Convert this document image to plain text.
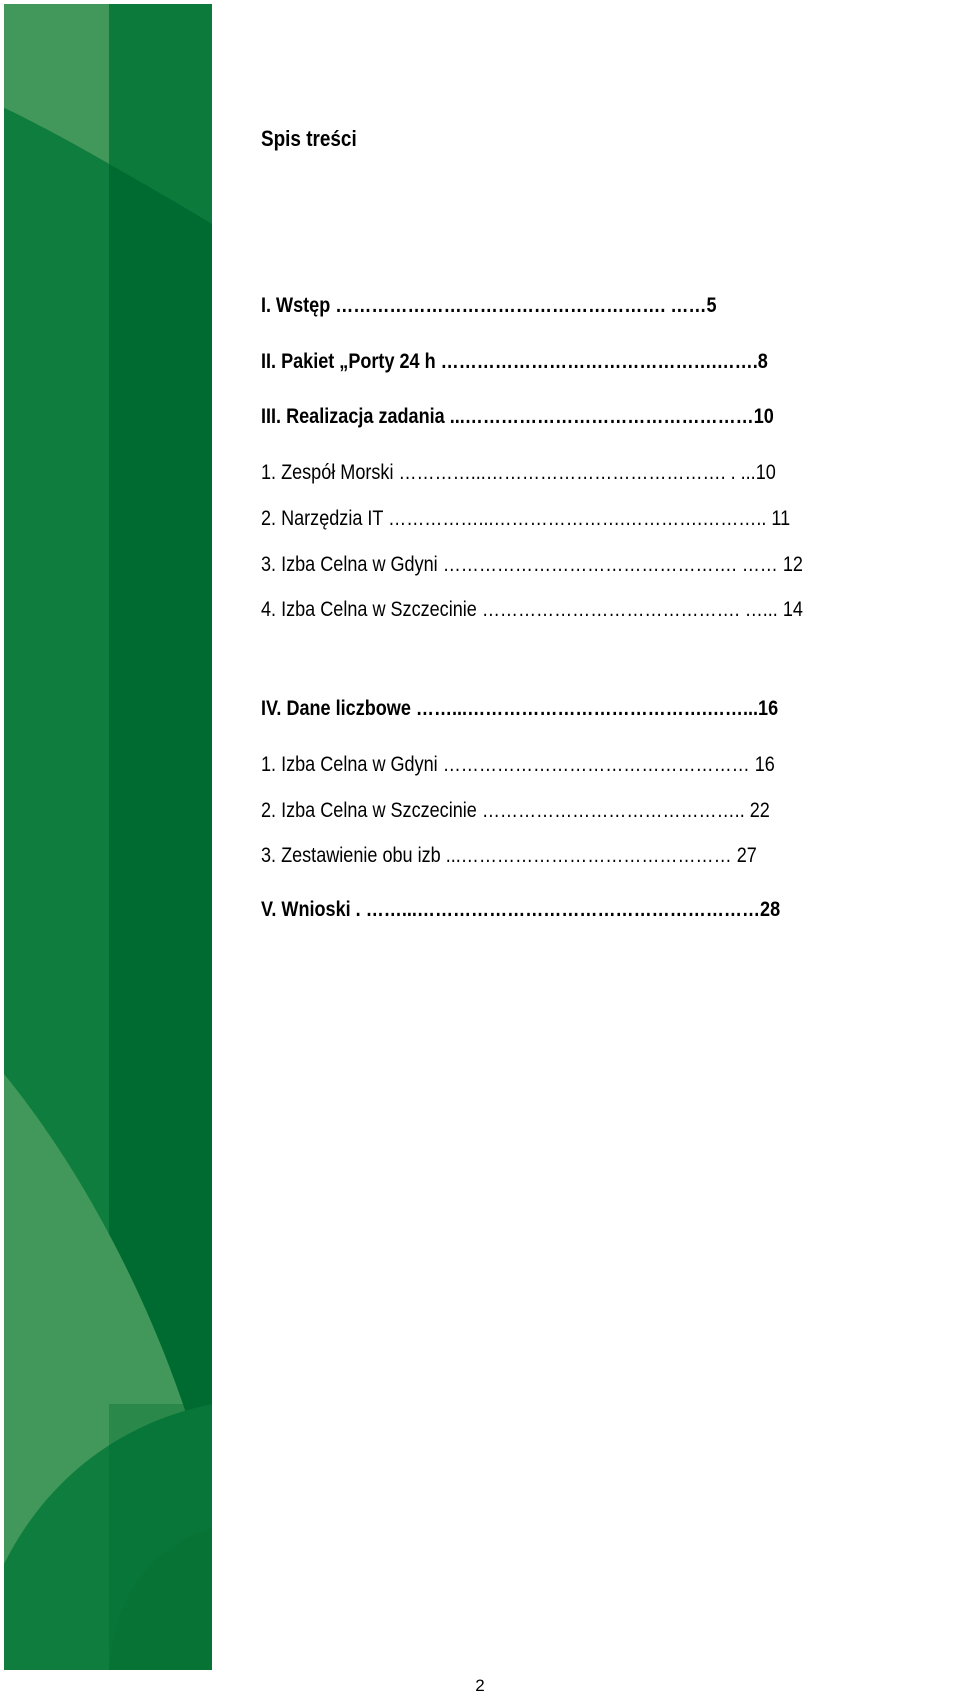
Spis treści
I. Wstęp ………………………………………………. ……5
II. Pakiet „Porty 24 h ……………………………………….…….8
III. Realizacja zadania ...…………………………………………10
1. Zespół Morski …………...…………………………………. . ...10
2. Narzędzia IT ……………...………………….………….……….. 11
3. Izba Celna w Gdyni …………………………………………. …… 12
4. Izba Celna w Szczecinie ……………………………………. …... 14
IV. Dane liczbowe ……...………………………………….……...16
1. Izba Celna w Gdyni …………………………………………… 16
2. Izba Celna w Szczecinie …………………………………….. 22
3. Zestawienie obu izb ...……………………………………… 27
V. Wnioski . ……...…………………………………………………28
2
